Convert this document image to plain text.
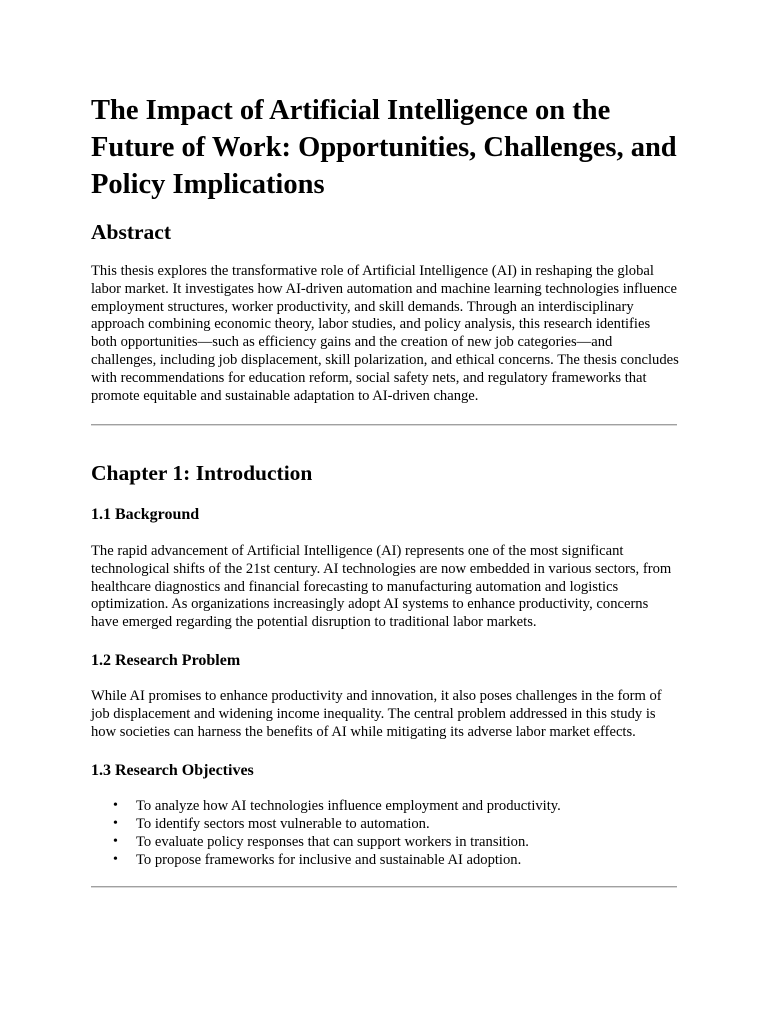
The Impact of Artificial Intelligence on the Future of Work: Opportunities, Challenges, and Policy Implications
Abstract

This thesis explores the transformative role of Artificial Intelligence (AI) in reshaping the global labor market. It investigates how AI-driven automation and machine learning technologies influence employment structures, worker productivity, and skill demands. Through an interdisciplinary approach combining economic theory, labor studies, and policy analysis, this research identifies both opportunities—such as efficiency gains and the creation of new job categories—and challenges, including job displacement, skill polarization, and ethical concerns. The thesis concludes with recommendations for education reform, social safety nets, and regulatory frameworks that promote equitable and sustainable adaptation to AI-driven change.

Chapter 1: Introduction
1.1 Background

The rapid advancement of Artificial Intelligence (AI) represents one of the most significant technological shifts of the 21st century. AI technologies are now embedded in various sectors, from healthcare diagnostics and financial forecasting to manufacturing automation and logistics optimization. As organizations increasingly adopt AI systems to enhance productivity, concerns have emerged regarding the potential disruption to traditional labor markets.

1.2 Research Problem

While AI promises to enhance productivity and innovation, it also poses challenges in the form of job displacement and widening income inequality. The central problem addressed in this study is how societies can harness the benefits of AI while mitigating its adverse labor market effects.

1.3 Research Objectives
• To analyze how AI technologies influence employment and productivity.
• To identify sectors most vulnerable to automation.
• To evaluate policy responses that can support workers in transition.
• To propose frameworks for inclusive and sustainable AI adoption.
